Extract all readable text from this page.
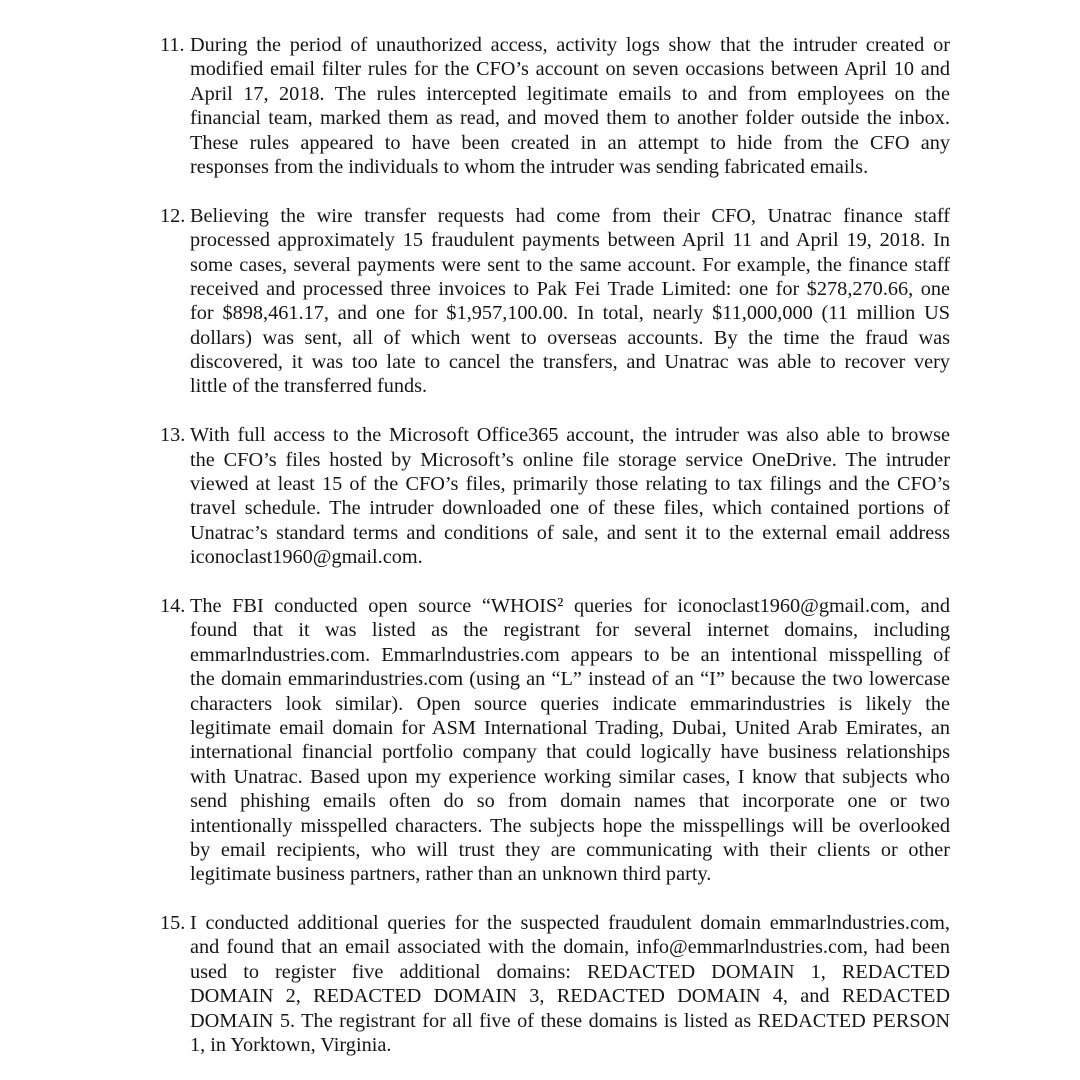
11. During the period of unauthorized access, activity logs show that the intruder created or
modified email filter rules for the CFO’s account on seven occasions between April 10 and
April 17, 2018. The rules intercepted legitimate emails to and from employees on the
financial team, marked them as read, and moved them to another folder outside the inbox.
These rules appeared to have been created in an attempt to hide from the CFO any
responses from the individuals to whom the intruder was sending fabricated emails.
12. Believing the wire transfer requests had come from their CFO, Unatrac finance staff
processed approximately 15 fraudulent payments between April 11 and April 19, 2018. In
some cases, several payments were sent to the same account. For example, the finance staff
received and processed three invoices to Pak Fei Trade Limited: one for $278,270.66, one
for $898,461.17, and one for $1,957,100.00. In total, nearly $11,000,000 (11 million US
dollars) was sent, all of which went to overseas accounts. By the time the fraud was
discovered, it was too late to cancel the transfers, and Unatrac was able to recover very
little of the transferred funds.
13. With full access to the Microsoft Office365 account, the intruder was also able to browse
the CFO’s files hosted by Microsoft’s online file storage service OneDrive. The intruder
viewed at least 15 of the CFO’s files, primarily those relating to tax filings and the CFO’s
travel schedule. The intruder downloaded one of these files, which contained portions of
Unatrac’s standard terms and conditions of sale, and sent it to the external email address
iconoclast1960@gmail.com.
14. The FBI conducted open source “WHOIS² queries for iconoclast1960@gmail.com, and
found that it was listed as the registrant for several internet domains, including
emmarlndustries.com. Emmarlndustries.com appears to be an intentional misspelling of
the domain emmarindustries.com (using an “L” instead of an “I” because the two lowercase
characters look similar). Open source queries indicate emmarindustries is likely the
legitimate email domain for ASM International Trading, Dubai, United Arab Emirates, an
international financial portfolio company that could logically have business relationships
with Unatrac. Based upon my experience working similar cases, I know that subjects who
send phishing emails often do so from domain names that incorporate one or two
intentionally misspelled characters. The subjects hope the misspellings will be overlooked
by email recipients, who will trust they are communicating with their clients or other
legitimate business partners, rather than an unknown third party.
15. I conducted additional queries for the suspected fraudulent domain emmarlndustries.com,
and found that an email associated with the domain, info@emmarlndustries.com, had been
used to register five additional domains: REDACTED DOMAIN 1, REDACTED
DOMAIN 2, REDACTED DOMAIN 3, REDACTED DOMAIN 4, and REDACTED
DOMAIN 5. The registrant for all five of these domains is listed as REDACTED PERSON
1, in Yorktown, Virginia.
